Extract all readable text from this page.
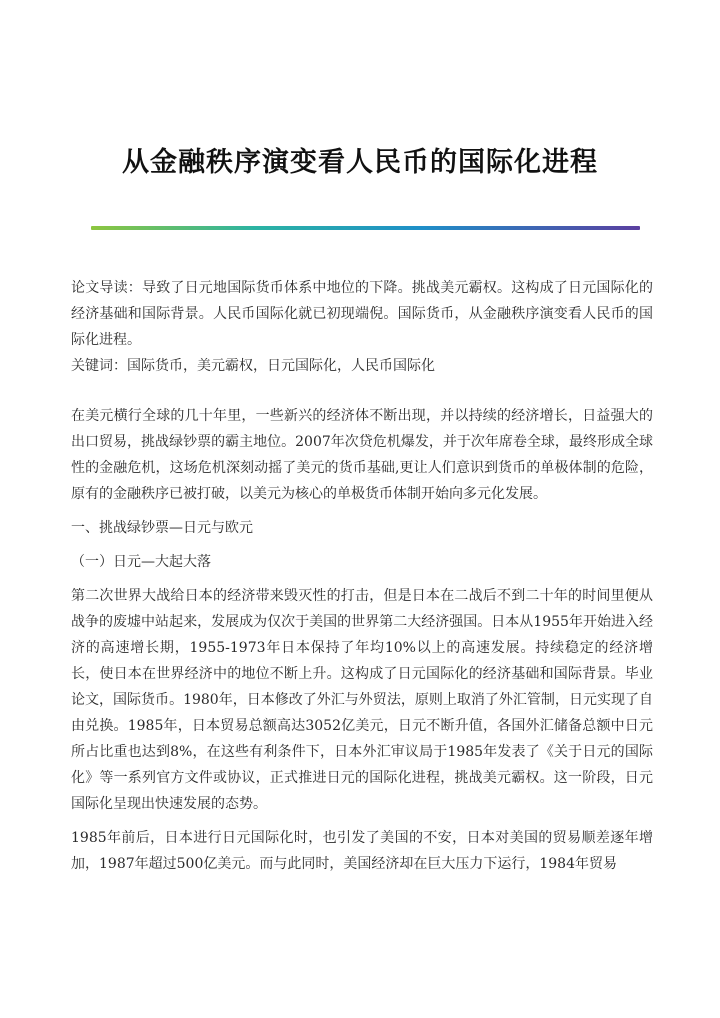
从金融秩序演变看人民币的国际化进程

论文导读：导致了日元地国际货币体系中地位的下降。挑战美元霸权。这构成了日元国际化的经济基础和国际背景。人民币国际化就已初现端倪。国际货币，从金融秩序演变看人民币的国际化进程。

关键词：国际货币，美元霸权，日元国际化，人民币国际化

在美元横行全球的几十年里，一些新兴的经济体不断出现，并以持续的经济增长，日益强大的出口贸易，挑战绿钞票的霸主地位。2007年次贷危机爆发，并于次年席卷全球，最终形成全球性的金融危机，这场危机深刻动摇了美元的货币基础,更让人们意识到货币的单极体制的危险，原有的金融秩序已被打破，以美元为核心的单极货币体制开始向多元化发展。

一、挑战绿钞票—日元与欧元

（一）日元—大起大落

第二次世界大战给日本的经济带来毁灭性的打击，但是日本在二战后不到二十年的时间里便从战争的废墟中站起来，发展成为仅次于美国的世界第二大经济强国。日本从1955年开始进入经济的高速增长期，1955-1973年日本保持了年均10%以上的高速发展。持续稳定的经济增长，使日本在世界经济中的地位不断上升。这构成了日元国际化的经济基础和国际背景。毕业论文，国际货币。1980年，日本修改了外汇与外贸法，原则上取消了外汇管制，日元实现了自由兑换。1985年，日本贸易总额高达3052亿美元，日元不断升值，各国外汇储备总额中日元所占比重也达到8%，在这些有利条件下，日本外汇审议局于1985年发表了《关于日元的国际化》等一系列官方文件或协议，正式推进日元的国际化进程，挑战美元霸权。这一阶段，日元国际化呈现出快速发展的态势。

1985年前后，日本进行日元国际化时，也引发了美国的不安，日本对美国的贸易顺差逐年增加，1987年超过500亿美元。而与此同时，美国经济却在巨大压力下运行，1984年贸易
